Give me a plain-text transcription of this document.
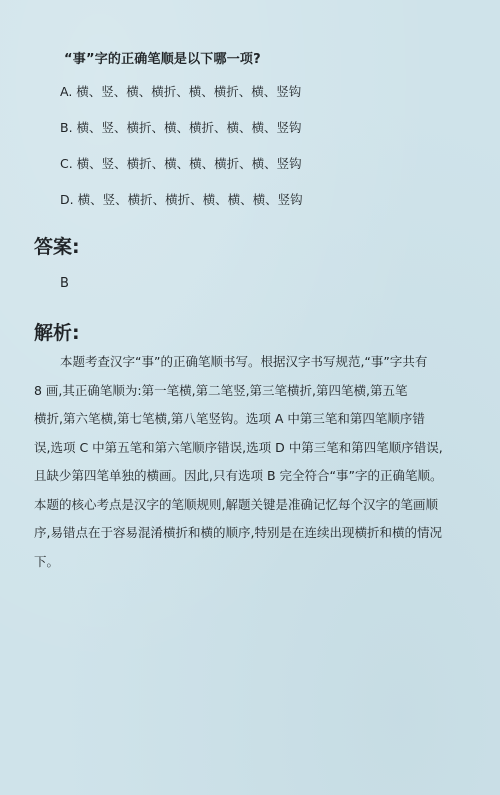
“事”字的正确笔顺是以下哪一项?
A. 横、竖、横、横折、横、横折、横、竖钩
B. 横、竖、横折、横、横折、横、横、竖钩
C. 横、竖、横折、横、横、横折、横、竖钩
D. 横、竖、横折、横折、横、横、横、竖钩
答案:
B
解析:
本题考查汉字“事”的正确笔顺书写。根据汉字书写规范,“事”字共有
8 画,其正确笔顺为:第一笔横,第二笔竖,第三笔横折,第四笔横,第五笔
横折,第六笔横,第七笔横,第八笔竖钩。选项 A 中第三笔和第四笔顺序错
误,选项 C 中第五笔和第六笔顺序错误,选项 D 中第三笔和第四笔顺序错误,
且缺少第四笔单独的横画。因此,只有选项 B 完全符合“事”字的正确笔顺。
本题的核心考点是汉字的笔顺规则,解题关键是准确记忆每个汉字的笔画顺
序,易错点在于容易混淆横折和横的顺序,特别是在连续出现横折和横的情况
下。
